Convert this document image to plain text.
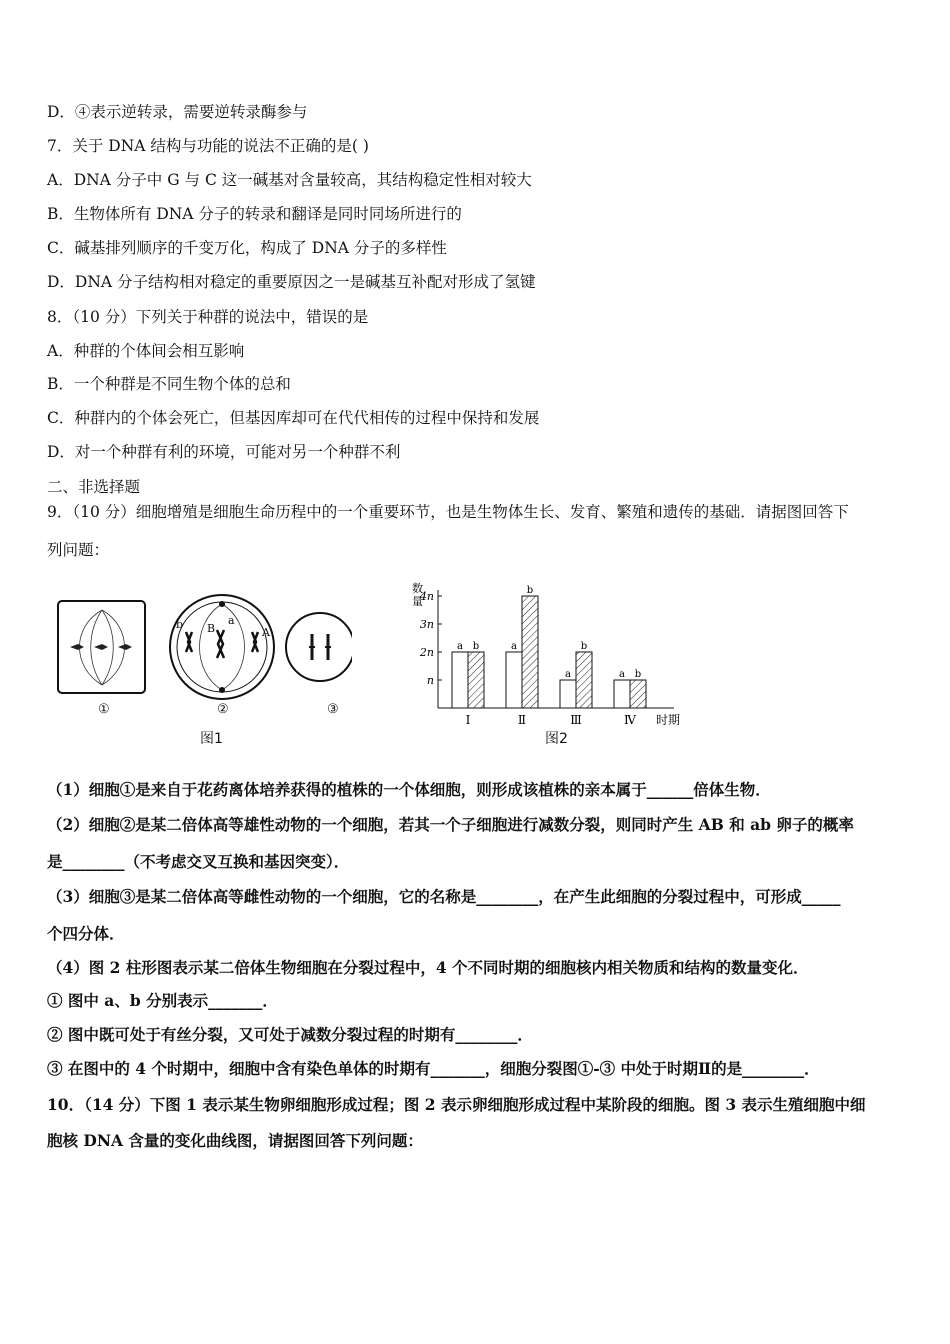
D．④表示逆转录，需要逆转录酶参与
7．关于 DNA 结构与功能的说法不正确的是( )
A．DNA 分子中 G 与 C 这一碱基对含量较高，其结构稳定性相对较大
B．生物体所有 DNA 分子的转录和翻译是同时同场所进行的
C．碱基排列顺序的千变万化，构成了 DNA 分子的多样性
D．DNA 分子结构相对稳定的重要原因之一是碱基互补配对形成了氢键
8．（10 分）下列关于种群的说法中，错误的是
A．种群的个体间会相互影响
B．一个种群是不同生物个体的总和
C．种群内的个体会死亡，但基因库却可在代代相传的过程中保持和发展
D．对一个种群有利的环境，可能对另一个种群不利
二、非选择题
9．（10 分）细胞增殖是细胞生命历程中的一个重要环节，也是生物体生长、发育、繁殖和遗传的基础．请据图回答下
列问题：
①	②	③
B
b	a
A
图1
数
量
n
2n
3n
4n
a b
Ⅰ
a
b
Ⅱ
a
b
Ⅲ
a b
Ⅳ 时期
图2
（1）细胞①是来自于花药离体培养获得的植株的一个体细胞，则形成该植株的亲本属于______倍体生物．
（2）细胞②是某二倍体高等雄性动物的一个细胞，若其一个子细胞进行减数分裂，则同时产生 AB 和 ab 卵子的概率
是________（不考虑交叉互换和基因突变）．
（3）细胞③是某二倍体高等雌性动物的一个细胞，它的名称是________，在产生此细胞的分裂过程中，可形成_____
个四分体．
（4）图 2 柱形图表示某二倍体生物细胞在分裂过程中，4 个不同时期的细胞核内相关物质和结构的数量变化．
① 图中 a、b 分别表示_______．
② 图中既可处于有丝分裂，又可处于减数分裂过程的时期有________．
③ 在图中的 4 个时期中，细胞中含有染色单体的时期有_______，细胞分裂图①-③ 中处于时期Ⅱ的是________．
10．（14 分）下图 1 表示某生物卵细胞形成过程；图 2 表示卵细胞形成过程中某阶段的细胞。图 3 表示生殖细胞中细
胞核 DNA 含量的变化曲线图，请据图回答下列问题：
